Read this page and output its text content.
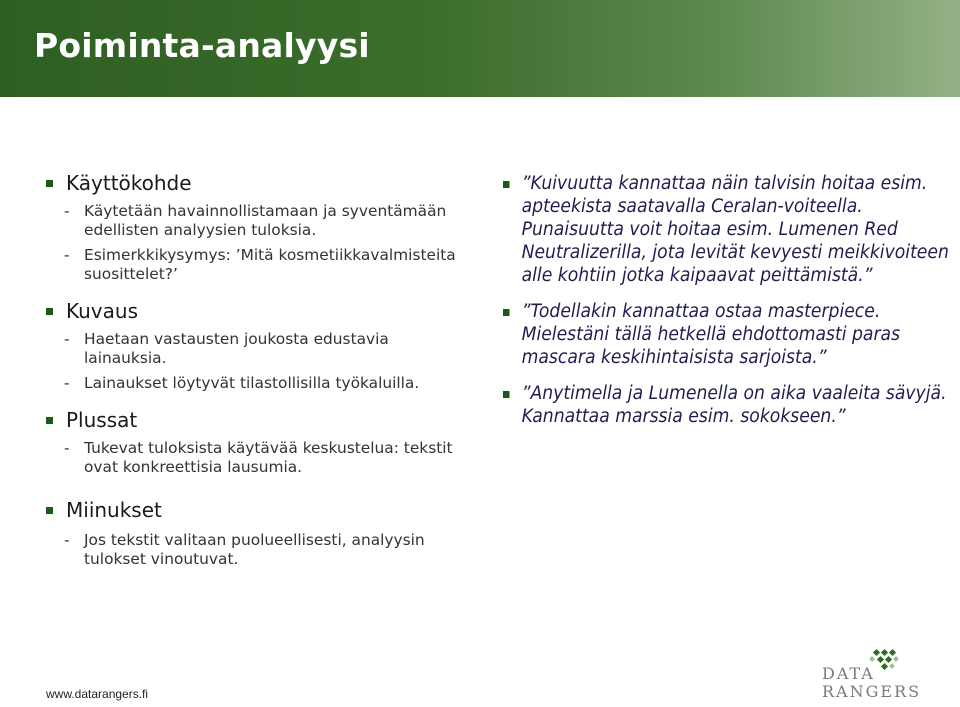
Poiminta-analyysi
Käyttökohde
- Käytetään havainnollistamaan ja syventämään edellisten analyysien tuloksia.
- Esimerkkikysymys: ’Mitä kosmetiikkavalmisteita suosittelet?’
Kuvaus
- Haetaan vastausten joukosta edustavia lainauksia.
- Lainaukset löytyvät tilastollisilla työkaluilla.
Plussat
- Tukevat tuloksista käytävää keskustelua: tekstit ovat konkreettisia lausumia.
Miinukset
- Jos tekstit valitaan puolueellisesti, analyysin tulokset vinoutuvat.
”Kuivuutta kannattaa näin talvisin hoitaa esim. apteekista saatavalla Ceralan-voiteella. Punaisuutta voit hoitaa esim. Lumenen Red Neutralizerilla, jota levität kevyesti meikkivoiteen alle kohtiin jotka kaipaavat peittämistä.”
”Todellakin kannattaa ostaa masterpiece. Mielestäni tällä hetkellä ehdottomasti paras mascara keskihintaisista sarjoista.”
”Anytimella ja Lumenella on aika vaaleita sävyjä. Kannattaa marssia esim. sokokseen.”
www.datarangers.fi
DATA
RANGERS
